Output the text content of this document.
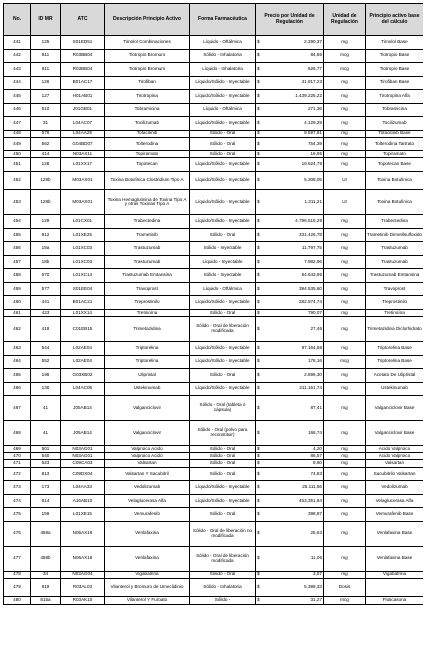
No.	ID MR	ATC	Descripción Principio Activo	Forma Farmacéutica	Precio por Unidad de Regulación	Unidad de Regulación	Principio activo base del cálculo
441	125	S01ED51	Timolol Combinaciones	Líquido - Oftálmica	$ 2.290,37	mg	Timolol Base
442	811	R03BB04	Tiotropio Bromuro	Sólido - Inhalatoria	$ 84,86	mcg	Tiotropio Base
443	811	R03BB04	Tiotropio Bromuro	Líquido - Inhalatoria	$ 626,77	mcg	Tiotropio Base
444	126	B01AC17	Tirofiban	Líquido/Sólido - Inyectable	$ 41.917,23	mg	Tirofiban Base
445	127	H01AB01	Tirotropina	Líquido/Sólido - Inyectable	$ 1.439.225,22	mg	Tirotropina Alfa
446	510	J01GB01	Tobramicina	Líquido - Oftálmica	$ 271,36	mg	Tobramicina
447	31	L04AC07	Tocilizumab	Líquido/Sólido - Inyectable	$ 4.129,29	mg	Tocilizumab
448	576	L04AA29	Tofacitinib	Sólido - Oral	$ 9.597,81	mg	Tofacitinib Base
449	562	G04BD07	Tolterodina	Sólido - Oral	$ 754,39	mg	Tolterodina Tartrato
450	414	N03AX11	Topiramato	Sólido - Oral	$ 16,95	mg	Topiramato
451	128	L01XX17	Topotecan	Líquido/Sólido - Inyectable	$ 19.524,79	mg	Topotecan Base
452	128b	M03AX01	Toxina Botulínica Clostridium Tipo A	Líquido/Sólido - Inyectable	$ 5.308,05	UI	Toxina Botulínica
453	128b	M03AX01	Toxina Hemaglutinina de Toxina Tipo A y otras Toxinas Tipo A	Líquido/Sólido - Inyectable	$ 1.311,21	UI	Toxina Botulínica
454	129	L01CX01	Trabectedina	Líquido/Sólido - Inyectable	$ 4.796.516,29	mg	Trabectedina
455	812	L01XE25	Trametinib	Sólido - Oral	$ 331.426,78	mg	Trametinib Dimetilsulfoxido
456	18a	L01XC03	Trastuzumab	Sólido - Inyectable	$ 11.797,75	mg	Trastuzumab
457	18b	L01XC03	Trastuzumab	Líquido - Inyectable	$ 7.982,96	mg	Trastuzumab
458	570	L01XC14	Trastuzumab Emtansina	Sólido - Inyectable	$ 54.643,95	mg	Trastuzumab Emtansina
459	577	S01EE04	Travoprost	Líquido - Oftálmica	$ 394.535,60	mg	Travoprost
460	441	B01AC21	Treprostinilo	Líquido/Sólido - Inyectable	$ 282.574,74	mg	Treprostinilo
461	423	L01XX14	Tretinoína	Sólido - Oral	$ 790,07	mg	Tretinoína
462	418	C01EB15	Trimetazidina	Sólido - Oral de liberación modificada	$ 27,46	mg	Trimetazidina Diclorhidrato
463	544	L02AE04	Triptorelina	Líquido/Sólido - Inyectable	$ 97.164,68	mg	Triptorelina Base
464	552	L02AE04	Triptorelina	Líquido/Sólido - Inyectable	$ 176,16	mcg	Triptorelina Base
465	198	G03XB02	Ulipristal	Sólido - Oral	$ 2.896,30	mg	Acetato De Ulipristal
466	130	L04AC05	Ustekinumab	Líquido/Sólido - Inyectable	$ 211.151,74	mg	Ustekinumab
467	41	J05AB14	Valganciclovir	Sólido - Oral (tableta o cápsula)	$ 87,41	mg	Valganciclovir Base
468	41	J05AB14	Valganciclovir	Sólido - Oral (polvo para reconstituir)	$ 166,74	mg	Valganciclovir Base
469	501	N03AG01	Valproico Acido	Sólido - Oral	$ 4,20	mg	Acido Valproico
470	540	N03AG01	Valproico Acido	Sólido - Oral	$ 86,57	mg	Acido Valproico
471	523	C09CA03	Valsartan	Sólido - Oral	$ 8,60	mg	Valsartan
472	813	C09DX04	Valsartan Y Sacubitril	Sólido - Oral	$ 74,83	mg	Sacubitrilo Valsartan
473	173	L04AA33	Vedolizumab	Líquido/Sólido - Inyectable	$ 25.111,56	mg	Vedolizumab
474	614	A16AB10	Velaglucerasa Alfa	Líquido/Sólido - Inyectable	$ 453.351,64	mg	Velaglucerasa Alfa
475	159	L01XE15	Vemurafenib	Sólido - Oral	$ 398,87	mg	Vemurafenib Base
476	458a	N06AX16	Venlafaxina	Sólido - Oral de liberación no modificada	$ 25,63	mg	Venlafaxina Base
477	458b	N06AX16	Venlafaxina	Sólido - Oral de liberación modificada	$ 11,06	mg	Venlafaxina Base
478	34	N03AG04	Vigabatrina	Sólido - Oral	$ 3,57	mg	Vigabatrina
479	819	R03AL03	Vilanterol y Bromuro de Umeclidinio	Sólido - Inhalatoria	$ 5.388,33	Dosis	
480	815a	R03AK10	Vilanterol Y Furoato	Sólido -	$ 31,27	mcg	Fluticasona
